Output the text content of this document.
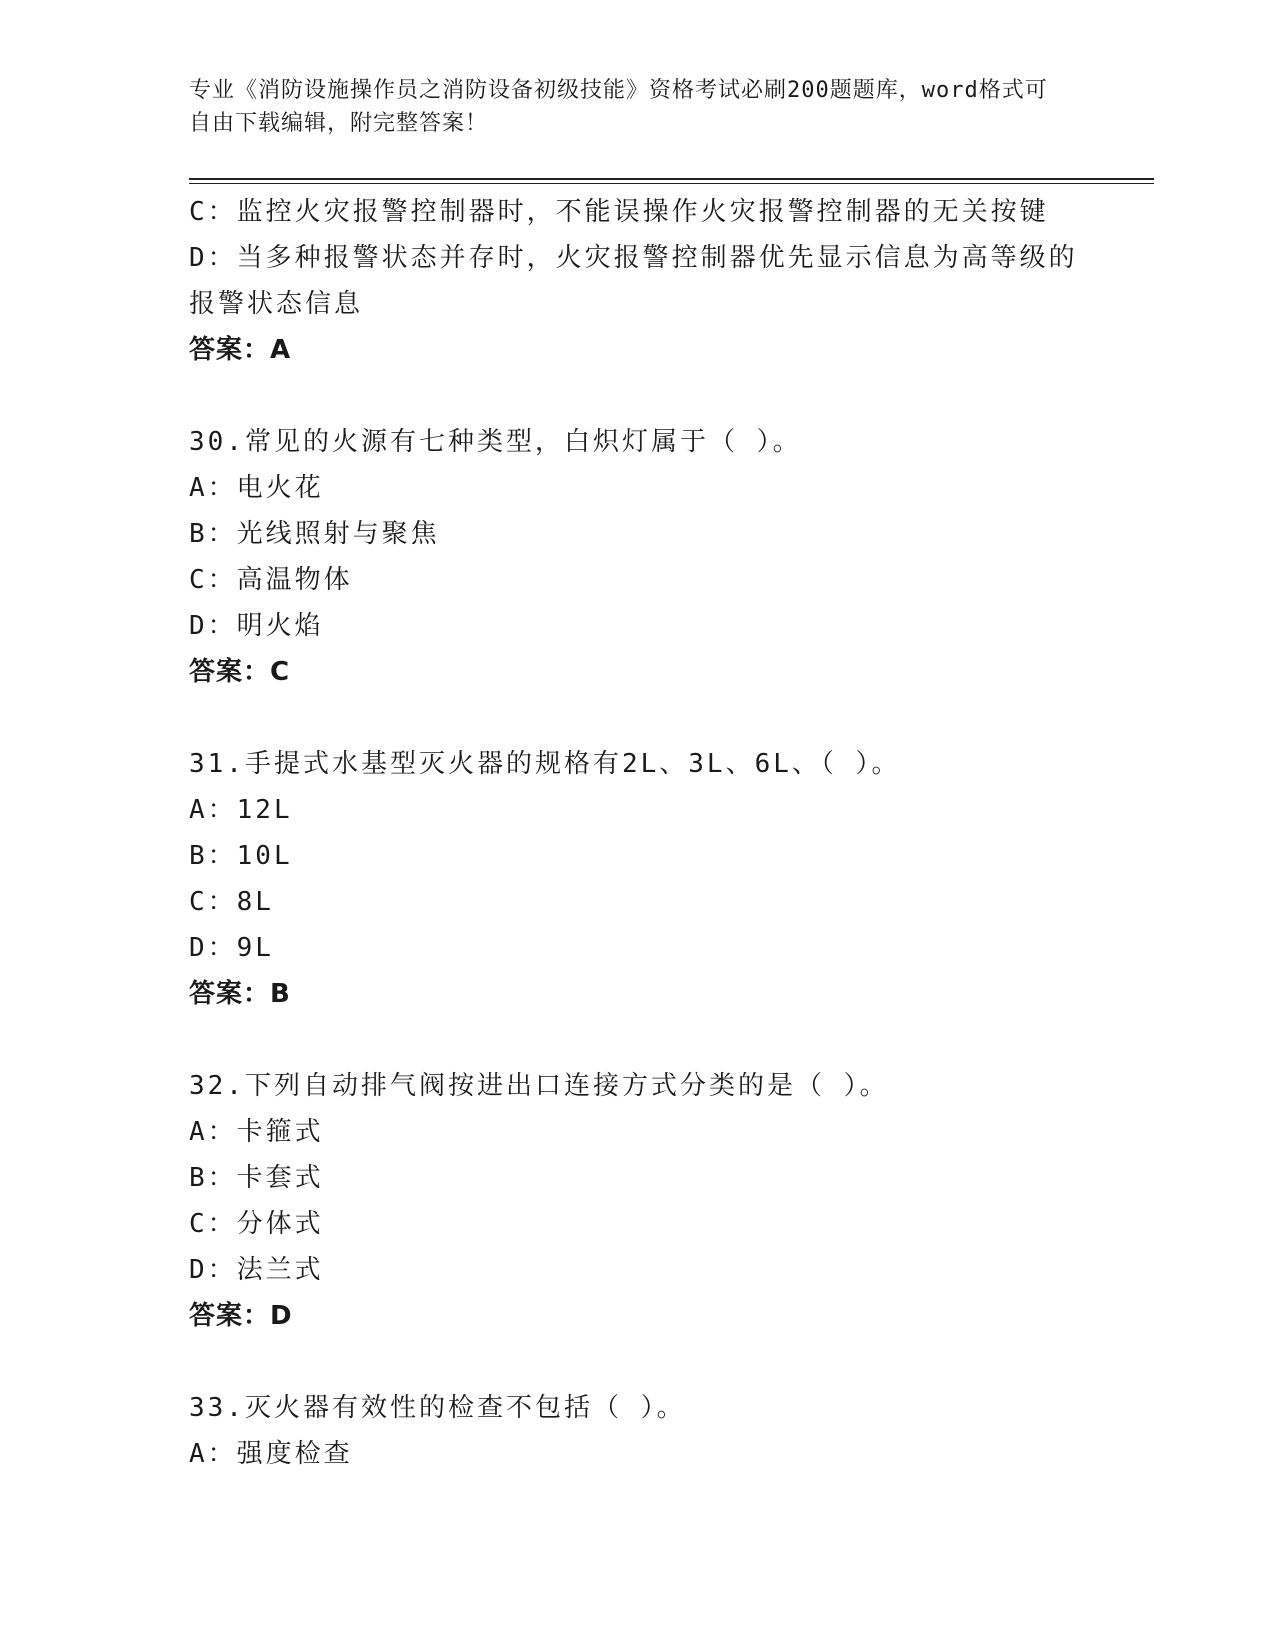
专业《消防设施操作员之消防设备初级技能》资格考试必刷200题题库，word格式可自由下载编辑，附完整答案！
C：监控火灾报警控制器时，不能误操作火灾报警控制器的无关按键
D：当多种报警状态并存时，火灾报警控制器优先显示信息为高等级的报警状态信息
答案：A
30.常见的火源有七种类型，白炽灯属于（ ）。
A：电火花
B：光线照射与聚焦
C：高温物体
D：明火焰
答案：C
31.手提式水基型灭火器的规格有2L、3L、6L、（ ）。
A：12L
B：10L
C：8L
D：9L
答案：B
32.下列自动排气阀按进出口连接方式分类的是（ ）。
A：卡箍式
B：卡套式
C：分体式
D：法兰式
答案：D
33.灭火器有效性的检查不包括（ ）。
A：强度检查
